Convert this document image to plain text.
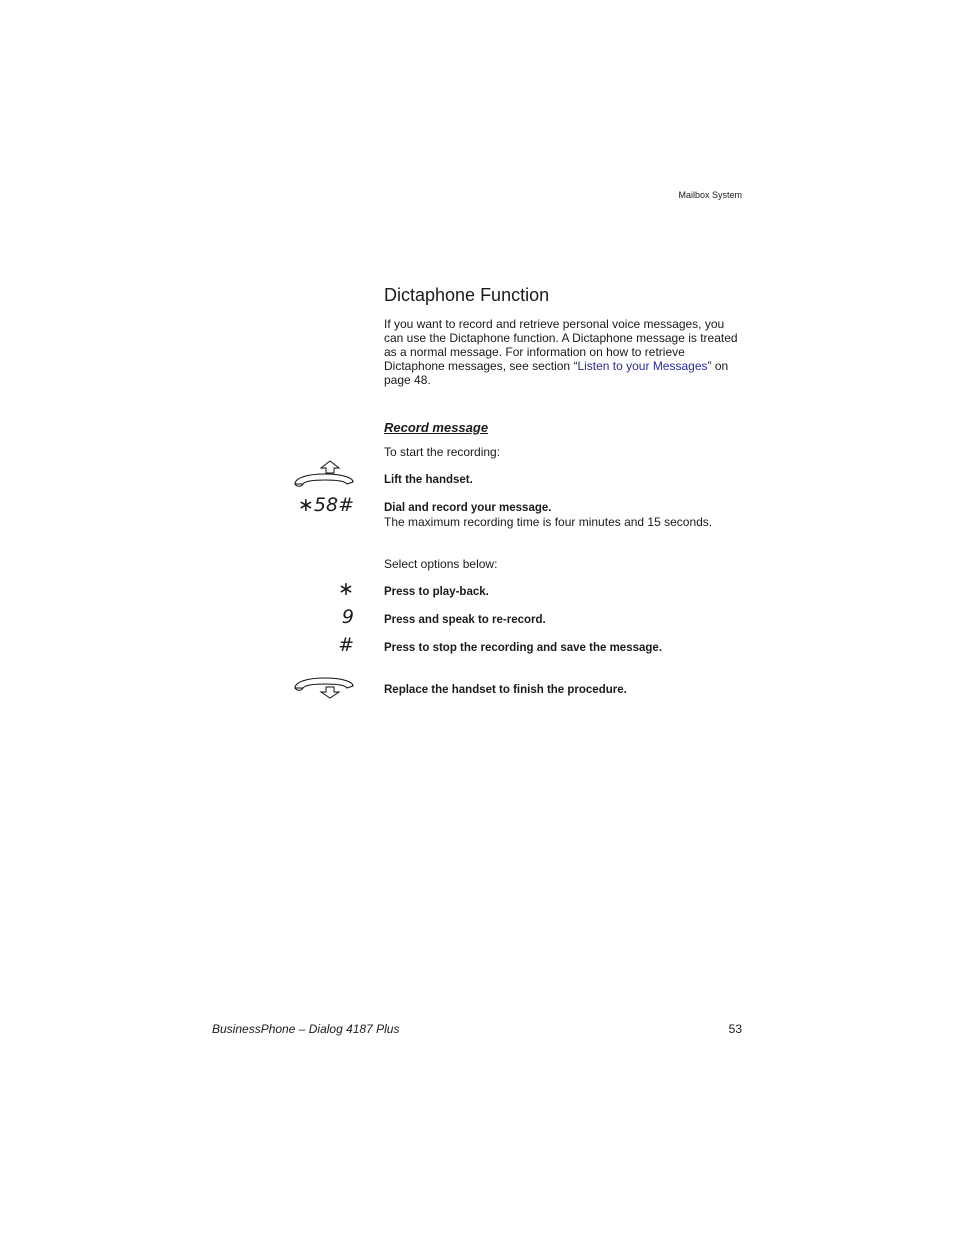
Mailbox System
Dictaphone Function

If you want to record and retrieve personal voice messages, you can use the Dictaphone function. A Dictaphone message is treated as a normal message. For information on how to retrieve Dictaphone messages, see section “Listen to your Messages” on page 48.

Record message
To start the recording:
Lift the handset.
∗58#	Dial and record your message.
The maximum recording time is four minutes and 15 seconds.
Select options below:
∗	Press to play-back.
9	Press and speak to re-record.
#	Press to stop the recording and save the message.
Replace the handset to finish the procedure.
BusinessPhone – Dialog 4187 Plus	53
